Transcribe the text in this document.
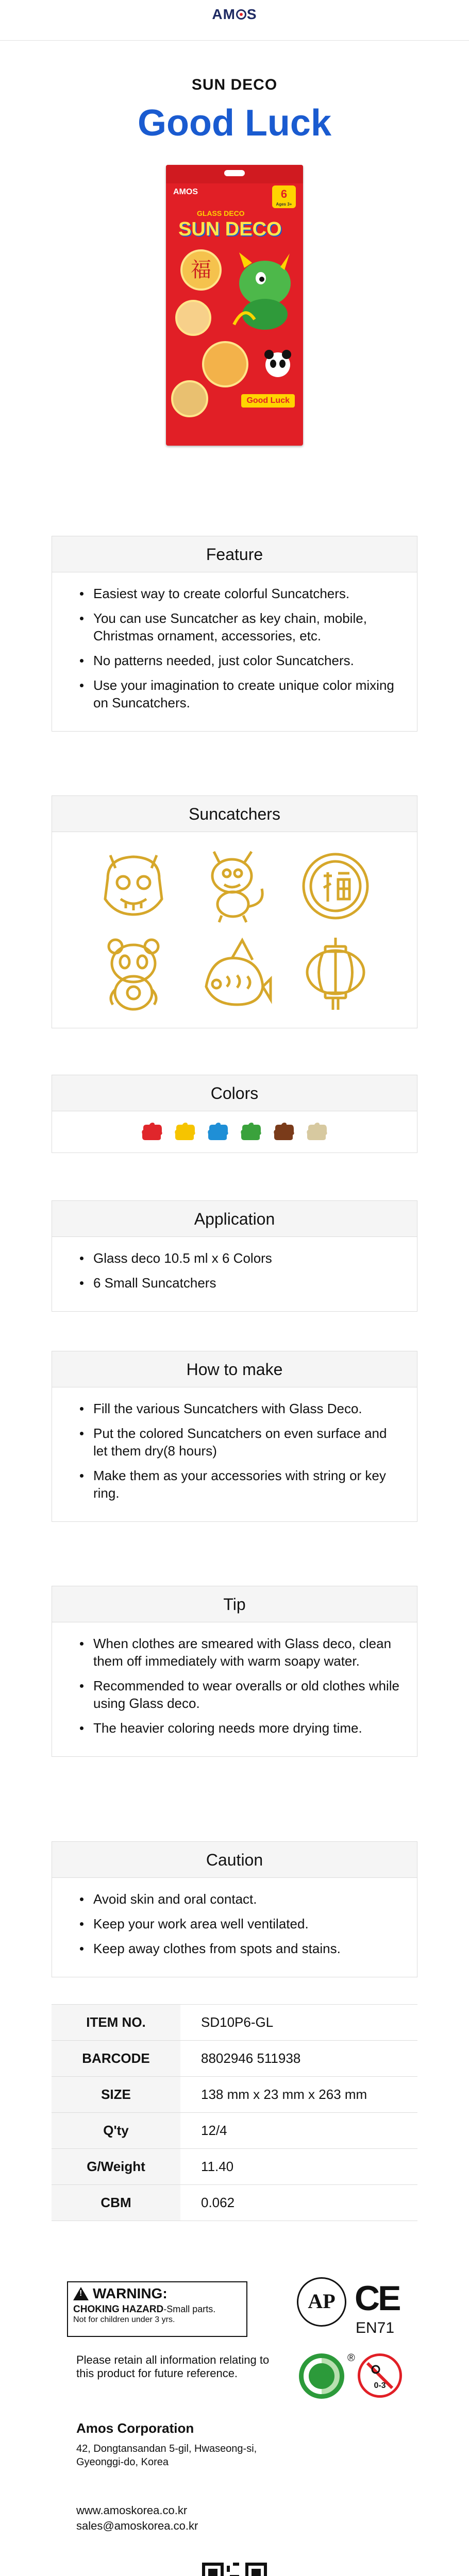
AM S
SUN DECO
Good Luck
AMOS	6
Ages 3+
GLASS DECO
SUN DECO
福
Good Luck
Feature
Easiest way to create colorful Suncatchers.
You can use Suncatcher as key chain, mobile, Christmas ornament, accessories, etc.
No patterns needed, just color Suncatchers.
Use your imagination to create unique color mixing on Suncatchers.
Suncatchers
Colors
Application
Glass deco 10.5 ml x 6 Colors
6 Small Suncatchers
How to make
Fill the various Suncatchers with Glass Deco.
Put the colored Suncatchers on even surface and let them dry(8 hours)
Make them as your accessories with string or key ring.
Tip
When clothes are smeared with Glass deco, clean them off immediately with warm soapy water.
Recommended to wear overalls or old clothes while using Glass deco.
The heavier coloring needs more drying time.
Caution
Avoid skin and oral contact.
Keep your work area well ventilated.
Keep away clothes from spots and stains.
ITEM NO.	SD10P6-GL
BARCODE	8802946 511938
SIZE	138 mm x 23 mm x 263 mm
Q'ty	12/4
G/Weight	11.40
CBM	0.062
!
WARNING:
CHOKING HAZARD-Small parts.
Not for children under 3 yrs.
AP CE
EN71
®
0-3
Please retain all information relating to this product for future reference.
Amos Corporation
42, Dongtansandan 5-gil, Hwaseong-si, Gyeonggi-do, Korea
www.amoskorea.co.kr
sales@amoskorea.co.kr
